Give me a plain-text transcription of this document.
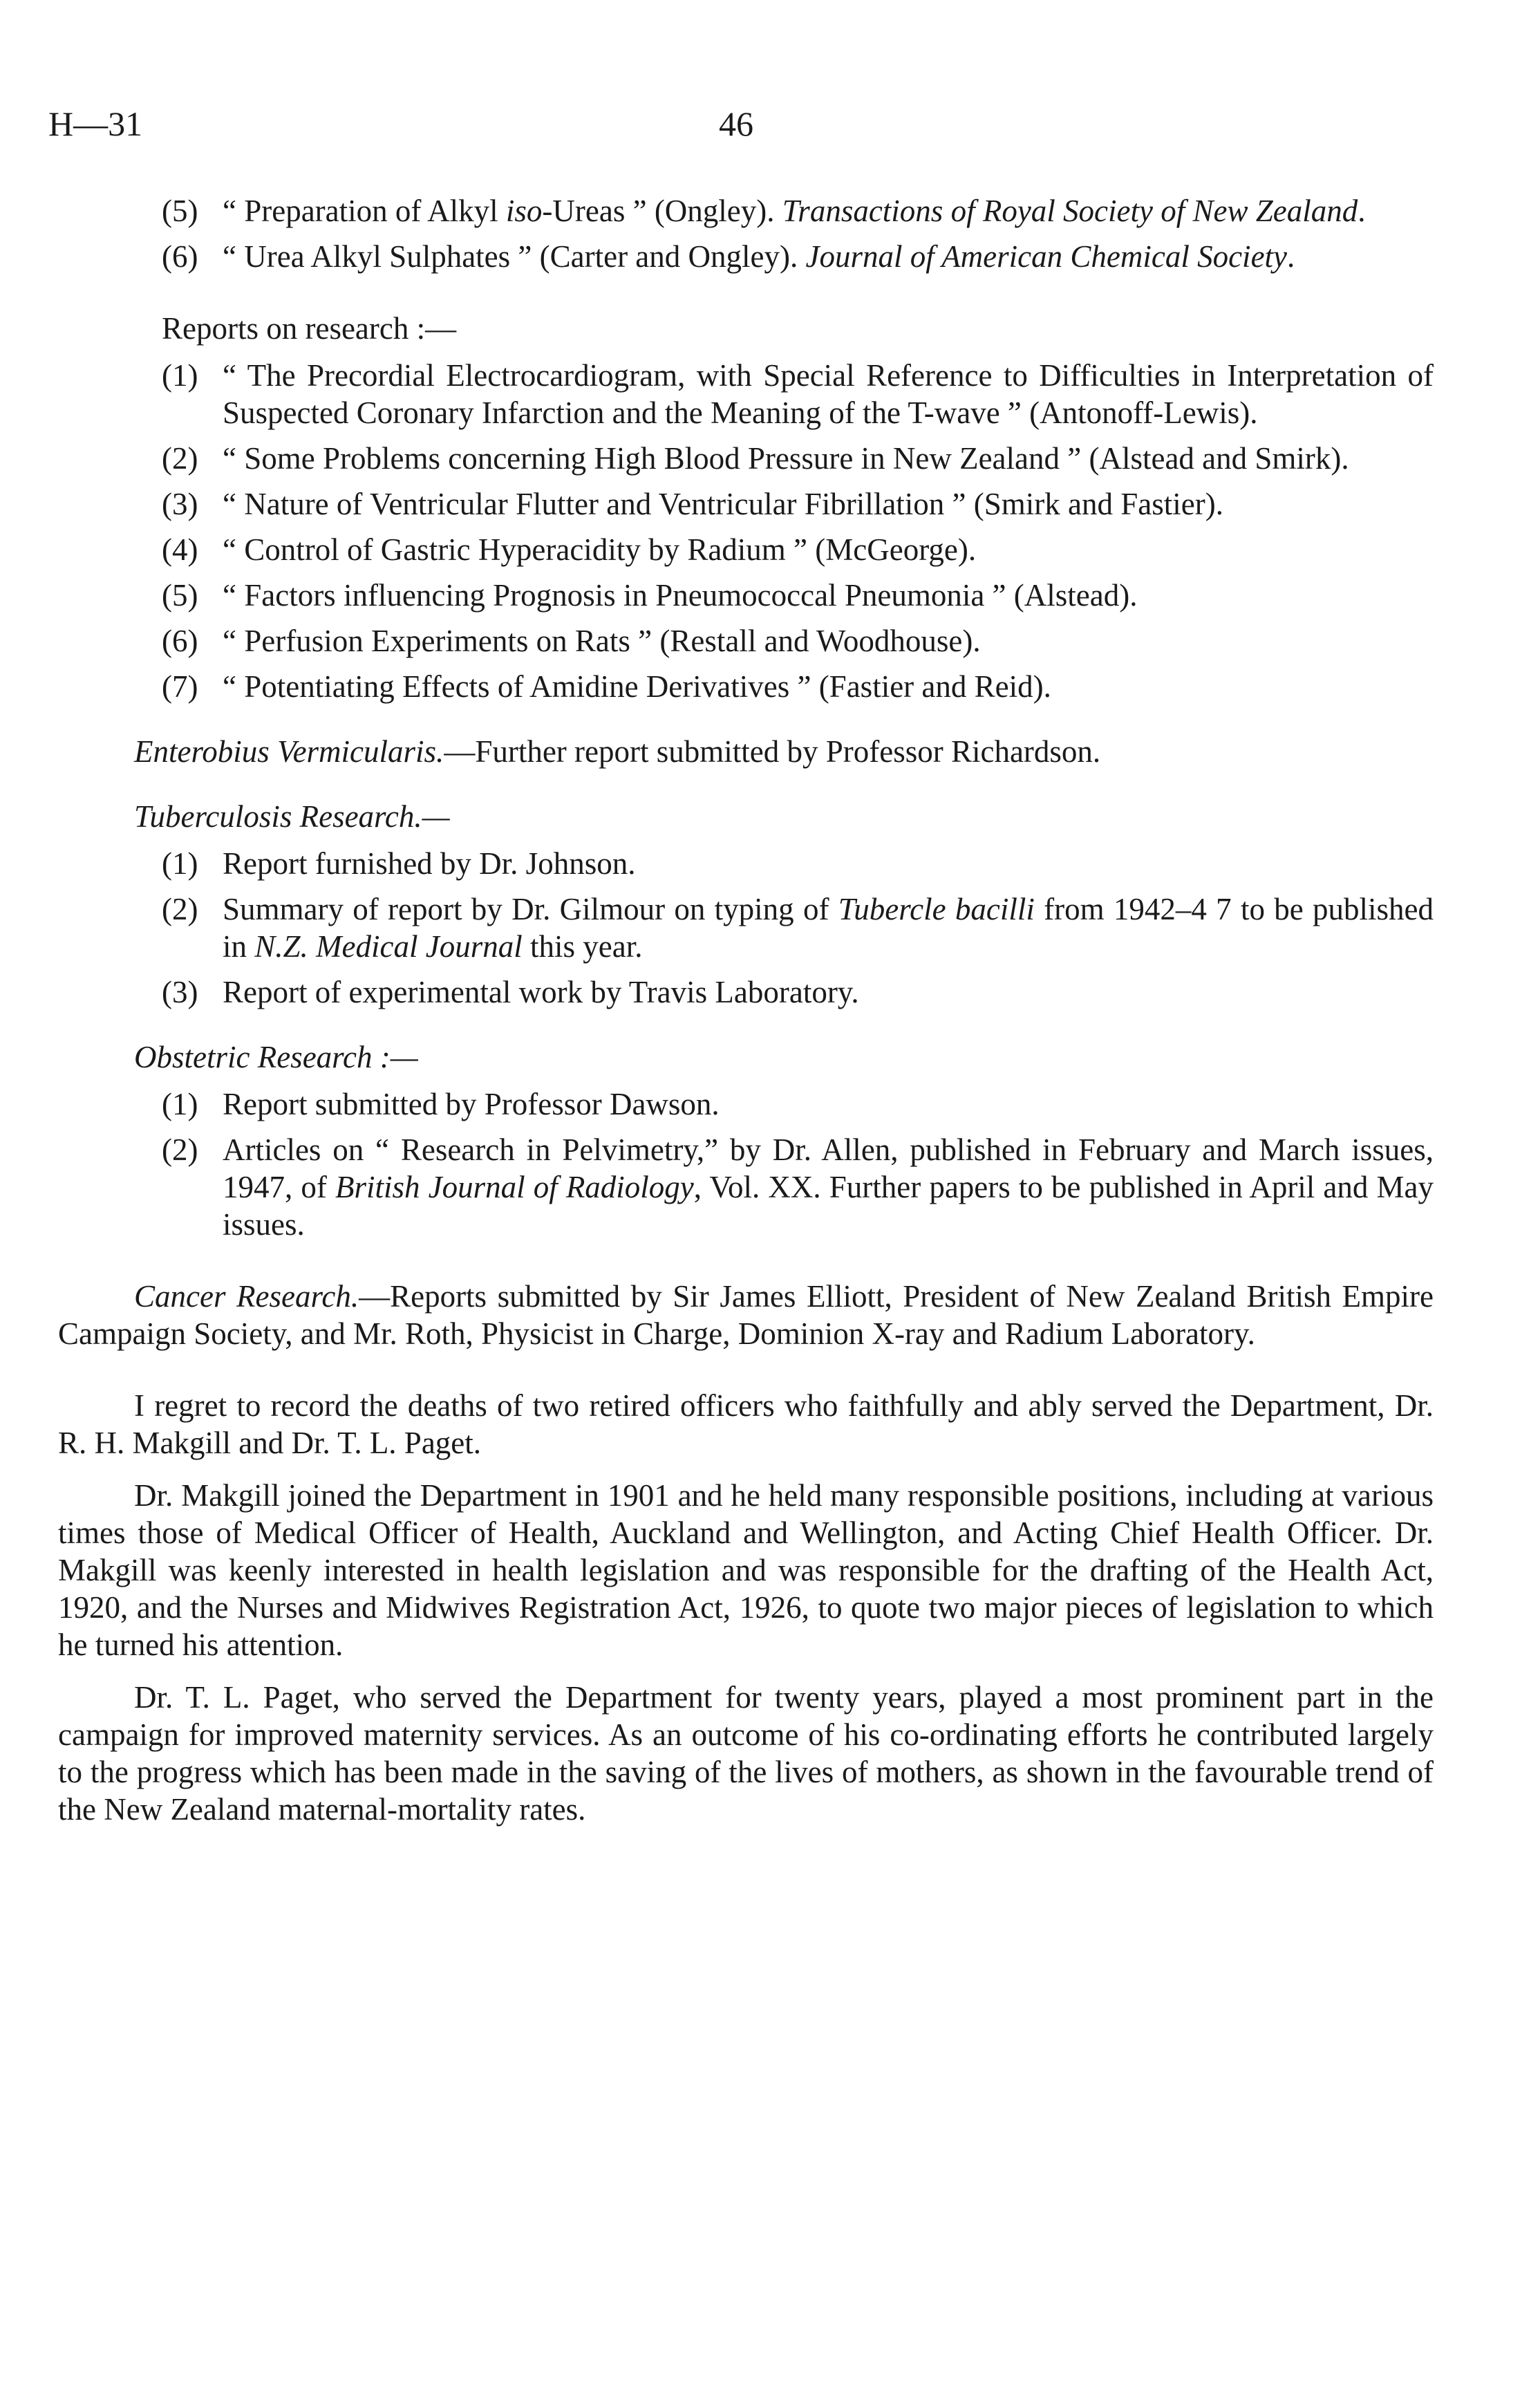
H—31	46

(5) “ Preparation of Alkyl iso-Ureas ” (Ongley). Transactions of Royal Society of New Zealand.

(6) “ Urea Alkyl Sulphates ” (Carter and Ongley). Journal of American Chemical Society.

Reports on research :—

(1) “ The Precordial Electrocardiogram, with Special Reference to Difficulties in Interpretation of Suspected Coronary Infarction and the Meaning of the T-wave ” (Antonoff-Lewis).

(2) “ Some Problems concerning High Blood Pressure in New Zealand ” (Alstead and Smirk).

(3) “ Nature of Ventricular Flutter and Ventricular Fibrillation ” (Smirk and Fastier).

(4) “ Control of Gastric Hyperacidity by Radium ” (McGeorge).

(5) “ Factors influencing Prognosis in Pneumococcal Pneumonia ” (Alstead).

(6) “ Perfusion Experiments on Rats ” (Restall and Woodhouse).

(7) “ Potentiating Effects of Amidine Derivatives ” (Fastier and Reid).

Enterobius Vermicularis.—Further report submitted by Professor Richardson.

Tuberculosis Research.—

(1) Report furnished by Dr. Johnson.

(2) Summary of report by Dr. Gilmour on typing of Tubercle bacilli from 1942–4 7 to be published in N.Z. Medical Journal this year.

(3) Report of experimental work by Travis Laboratory.

Obstetric Research :—

(1) Report submitted by Professor Dawson.

(2) Articles on “ Research in Pelvimetry,” by Dr. Allen, published in February and March issues, 1947, of British Journal of Radiology, Vol. XX. Further papers to be published in April and May issues.

Cancer Research.—Reports submitted by Sir James Elliott, President of New Zealand British Empire Campaign Society, and Mr. Roth, Physicist in Charge, Dominion X-ray and Radium Laboratory.

I regret to record the deaths of two retired officers who faithfully and ably served the Department, Dr. R. H. Makgill and Dr. T. L. Paget.

Dr. Makgill joined the Department in 1901 and he held many responsible positions, including at various times those of Medical Officer of Health, Auckland and Wellington, and Acting Chief Health Officer. Dr. Makgill was keenly interested in health legislation and was responsible for the drafting of the Health Act, 1920, and the Nurses and Midwives Registration Act, 1926, to quote two major pieces of legislation to which he turned his attention.

Dr. T. L. Paget, who served the Department for twenty years, played a most prominent part in the campaign for improved maternity services. As an outcome of his co-ordinating efforts he contributed largely to the progress which has been made in the saving of the lives of mothers, as shown in the favourable trend of the New Zealand maternal-mortality rates.
